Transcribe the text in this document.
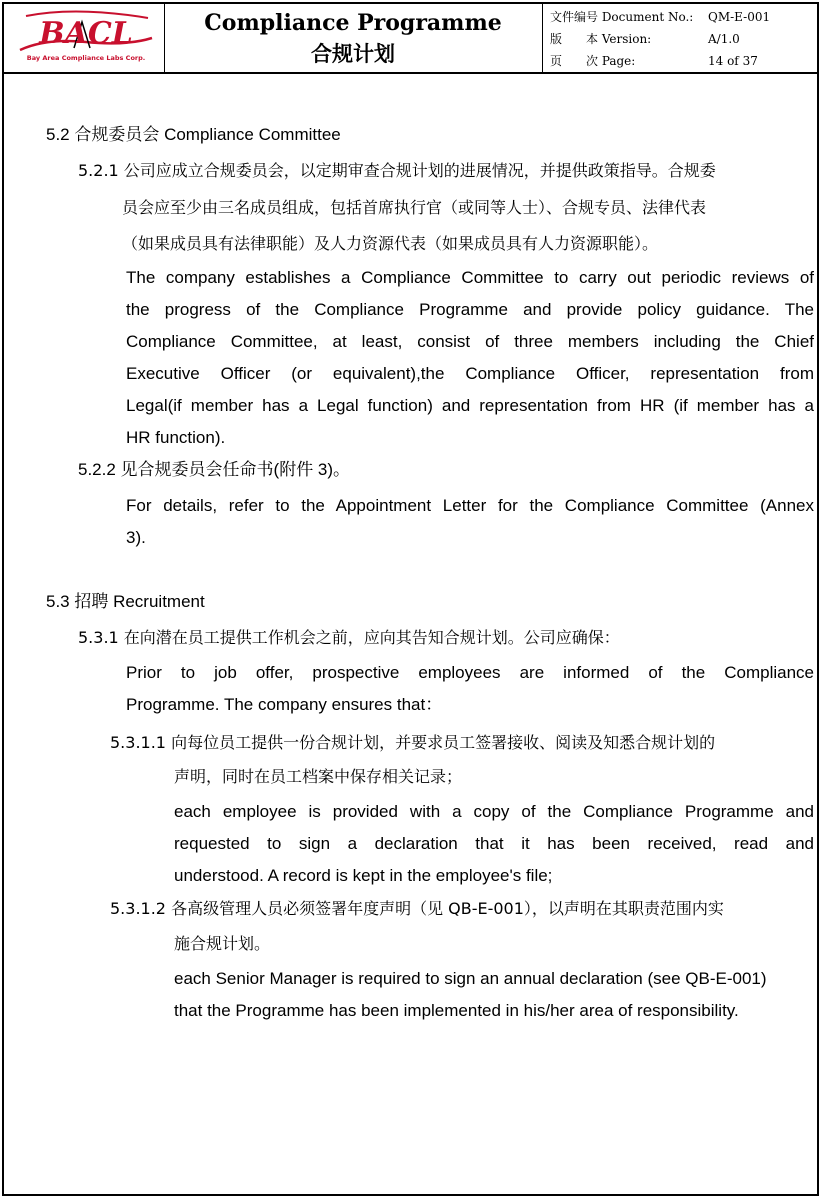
BACL
Bay Area Compliance Labs Corp.
Compliance Programme
合规计划
文件编号 Document No.: QM-E-001
版　　本 Version:	A/1.0
页　　次 Page:	14 of 37
5.2 合规委员会 Compliance Committee
5.2.1 公司应成立合规委员会，以定期审查合规计划的进展情况，并提供政策指导。合规委
员会应至少由三名成员组成，包括首席执行官（或同等人士）、合规专员、法律代表
（如果成员具有法律职能）及人力资源代表（如果成员具有人力资源职能）。
The company establishes a Compliance Committee to carry out periodic reviews of
the progress of the Compliance Programme and provide policy guidance. The
Compliance Committee, at least, consist of three members including the Chief
Executive Officer (or equivalent),the Compliance Officer, representation from
Legal(if member has a Legal function) and representation from HR (if member has a
HR function).
5.2.2 见合规委员会任命书(附件 3)。
For details, refer to the Appointment Letter for the Compliance Committee (Annex
3).
5.3 招聘 Recruitment
5.3.1 在向潜在员工提供工作机会之前，应向其告知合规计划。公司应确保：
Prior to job offer, prospective employees are informed of the Compliance
Programme. The company ensures that：
5.3.1.1 向每位员工提供一份合规计划，并要求员工签署接收、阅读及知悉合规计划的
声明，同时在员工档案中保存相关记录；
each employee is provided with a copy of the Compliance Programme and
requested to sign a declaration that it has been received, read and
understood. A record is kept in the employee's file;
5.3.1.2 各高级管理人员必须签署年度声明（见 QB-E-001），以声明在其职责范围内实
施合规计划。
each Senior Manager is required to sign an annual declaration (see QB-E-001)
that the Programme has been implemented in his/her area of responsibility.
